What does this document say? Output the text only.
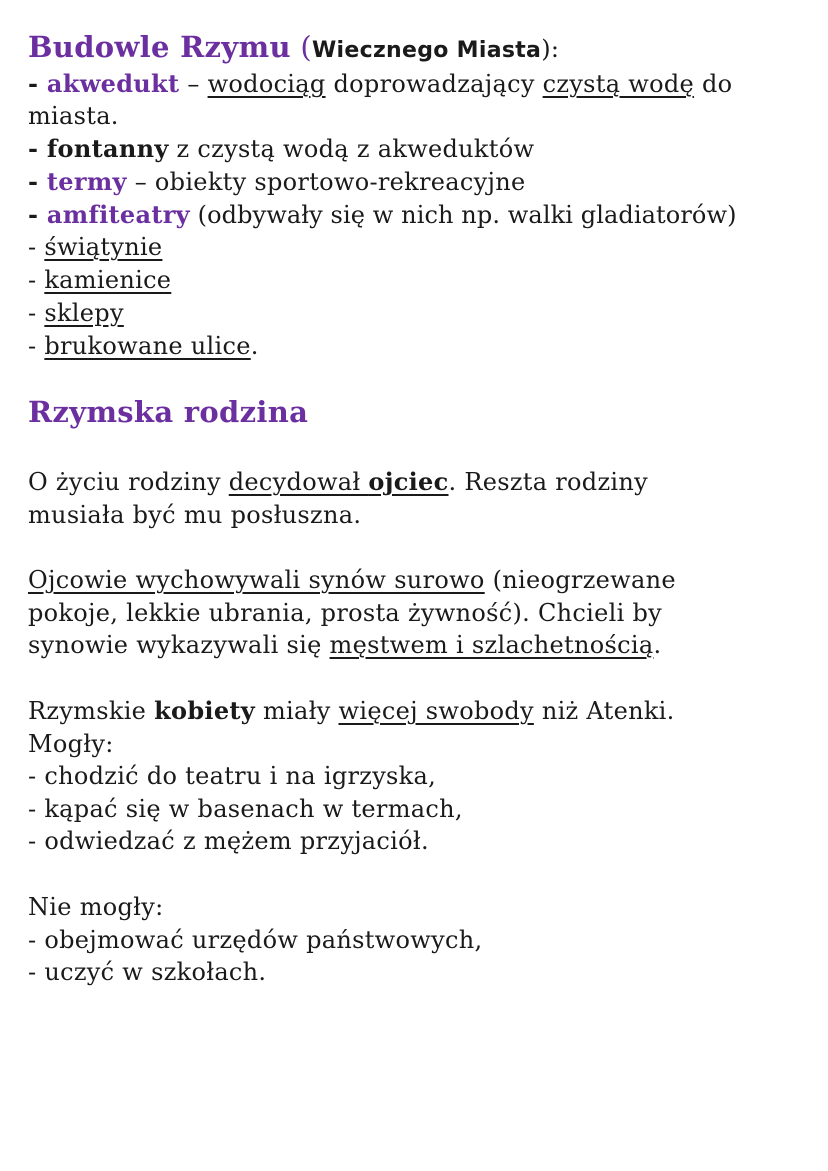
Budowle Rzymu (Wiecznego Miasta):
- akwedukt – wodociąg doprowadzający czystą wodę do
miasta.
- fontanny z czystą wodą z akweduktów
- termy – obiekty sportowo-rekreacyjne
- amfiteatry (odbywały się w nich np. walki gladiatorów)
- świątynie
- kamienice
- sklepy
- brukowane ulice.
Rzymska rodzina
O życiu rodziny decydował ojciec. Reszta rodziny
musiała być mu posłuszna.
Ojcowie wychowywali synów surowo (nieogrzewane
pokoje, lekkie ubrania, prosta żywność). Chcieli by
synowie wykazywali się męstwem i szlachetnością.
Rzymskie kobiety miały więcej swobody niż Atenki.
Mogły:
- chodzić do teatru i na igrzyska,
- kąpać się w basenach w termach,
- odwiedzać z mężem przyjaciół.
Nie mogły:
- obejmować urzędów państwowych,
- uczyć w szkołach.
